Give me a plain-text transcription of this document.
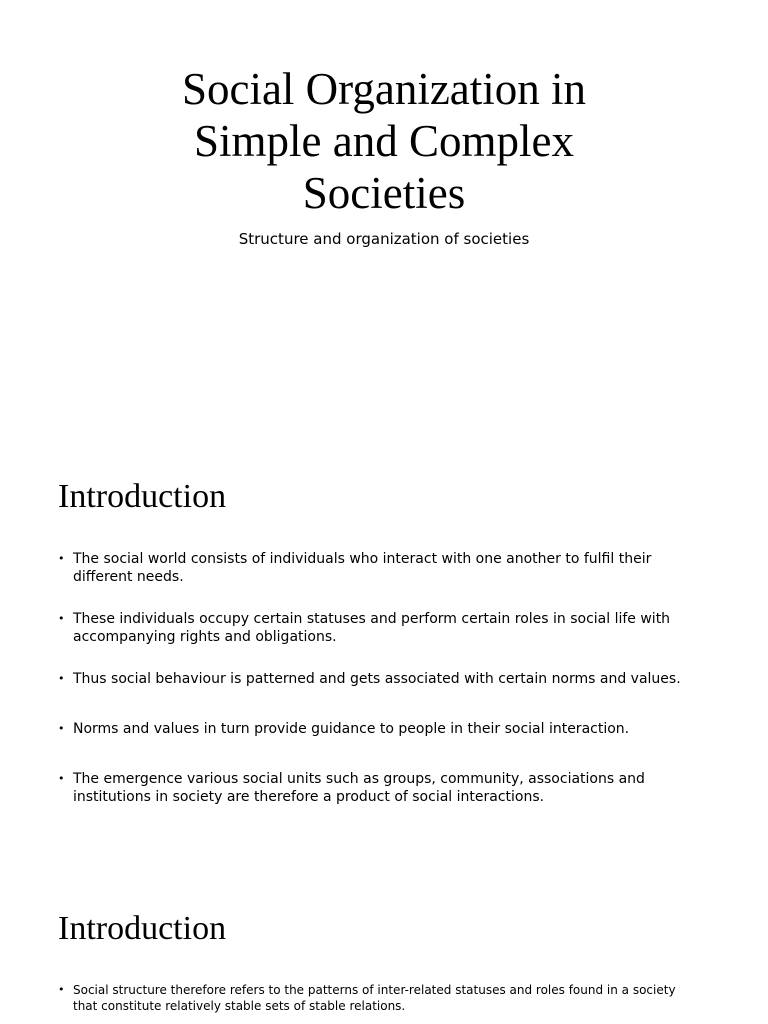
Social Organization in
Simple and Complex
Societies

Structure and organization of societies

Introduction
• The social world consists of individuals who interact with one another to fulfil their different needs.
• These individuals occupy certain statuses and perform certain roles in social life with accompanying rights and obligations.
• Thus social behaviour is patterned and gets associated with certain norms and values.
• Norms and values in turn provide guidance to people in their social interaction.
• The emergence various social units such as groups, community, associations and institutions in society are therefore a product of social interactions.
Introduction
• Social structure therefore refers to the patterns of inter-related statuses and roles found in a society that constitute relatively stable sets of stable relations.
